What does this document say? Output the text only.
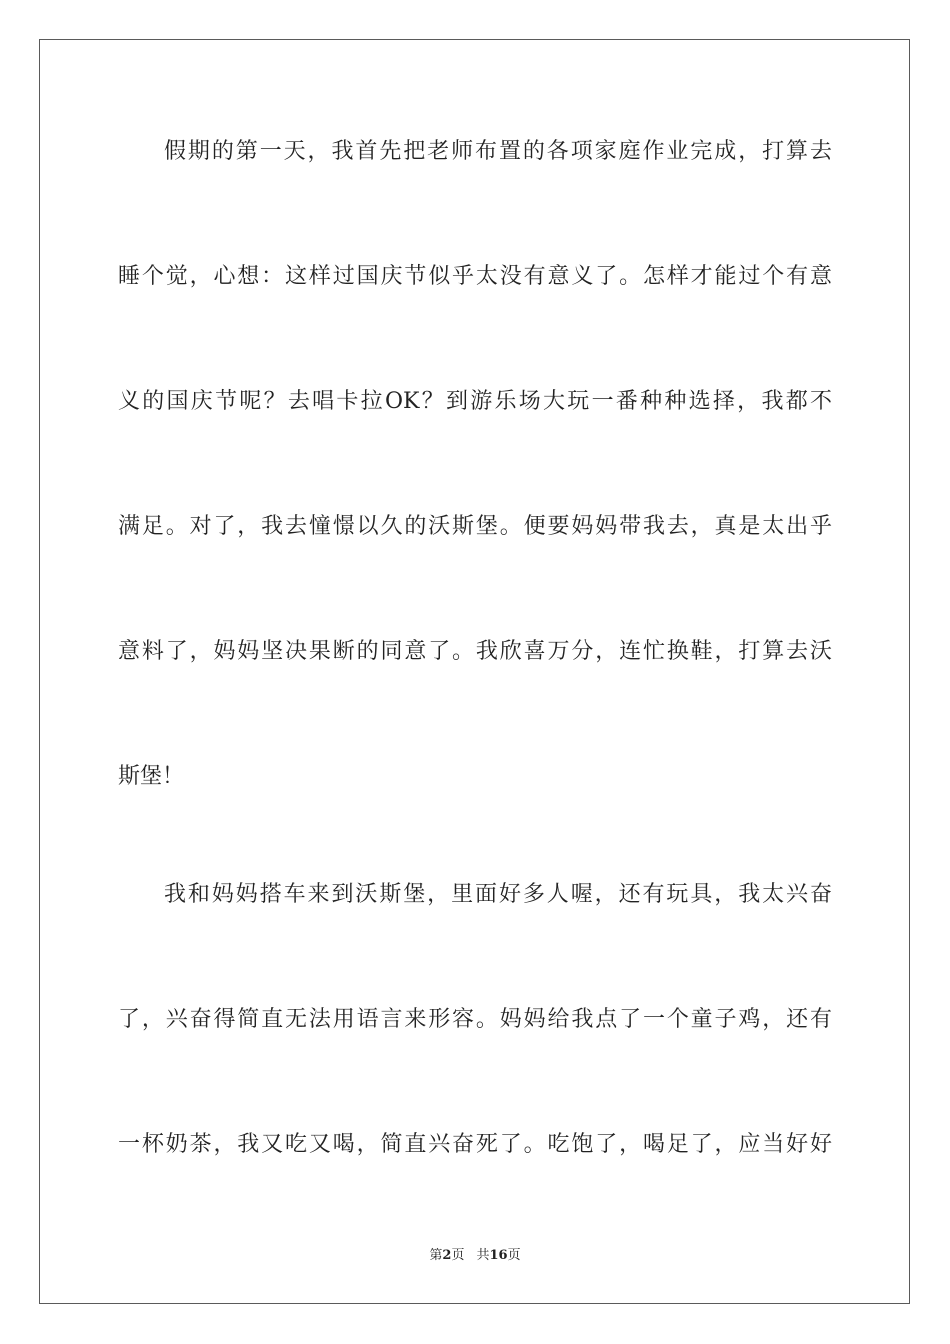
假期的第一天，我首先把老师布置的各项家庭作业完成，打算去
睡个觉，心想：这样过国庆节似乎太没有意义了。怎样才能过个有意
义的国庆节呢？去唱卡拉OK？到游乐场大玩一番种种选择，我都不
满足。对了，我去憧憬以久的沃斯堡。便要妈妈带我去，真是太出乎
意料了，妈妈坚决果断的同意了。我欣喜万分，连忙换鞋，打算去沃
斯堡！
我和妈妈搭车来到沃斯堡，里面好多人喔，还有玩具，我太兴奋
了，兴奋得简直无法用语言来形容。妈妈给我点了一个童子鸡，还有
一杯奶茶，我又吃又喝，简直兴奋死了。吃饱了，喝足了，应当好好
第2页 共16页
